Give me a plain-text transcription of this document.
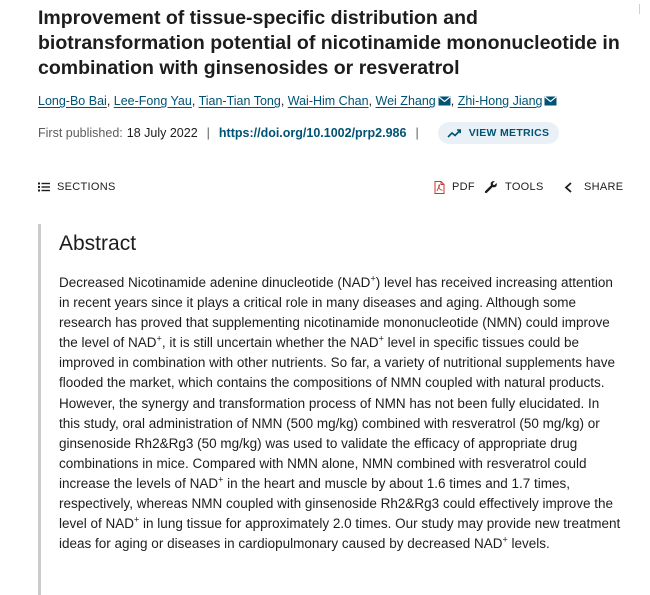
Improvement of tissue-specific distribution and biotransformation potential of nicotinamide mononucleotide in combination with ginsenosides or resveratrol
Long-Bo Bai, Lee-Fong Yau, Tian-Tian Tong, Wai-Him Chan, Wei Zhang , Zhi-Hong Jiang
First published: 18 July 2022 | https://doi.org/10.1002/prp2.986 |	VIEW METRICS
SECTIONS	PDF	TOOLS	SHARE
Abstract

Decreased Nicotinamide adenine dinucleotide (NAD+) level has received increasing attention in recent years since it plays a critical role in many diseases and aging. Although some research has proved that supplementing nicotinamide mononucleotide (NMN) could improve the level of NAD+, it is still uncertain whether the NAD+ level in specific tissues could be improved in combination with other nutrients. So far, a variety of nutritional supplements have flooded the market, which contains the compositions of NMN coupled with natural products. However, the synergy and transformation process of NMN has not been fully elucidated. In this study, oral administration of NMN (500 mg/kg) combined with resveratrol (50 mg/kg) or ginsenoside Rh2&Rg3 (50 mg/kg) was used to validate the efficacy of appropriate drug combinations in mice. Compared with NMN alone, NMN combined with resveratrol could increase the levels of NAD+ in the heart and muscle by about 1.6 times and 1.7 times, respectively, whereas NMN coupled with ginsenoside Rh2&Rg3 could effectively improve the level of NAD+ in lung tissue for approximately 2.0 times. Our study may provide new treatment ideas for aging or diseases in cardiopulmonary caused by decreased NAD+ levels.
